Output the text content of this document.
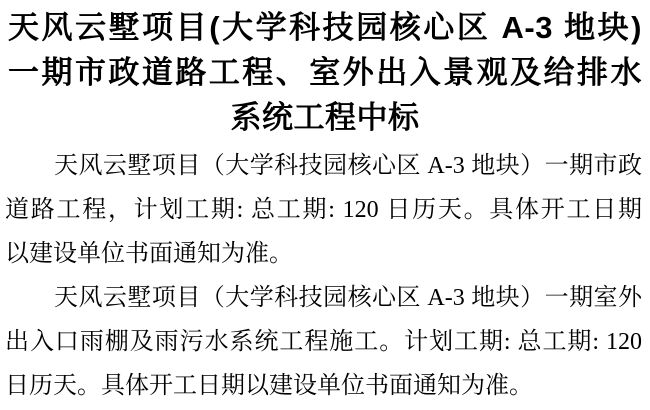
天风云墅项目(大学科技园核心区 A-3 地块)
一期市政道路工程、室外出入景观及给排水
系统工程中标

天风云墅项目（大学科技园核心区 A-3 地块）一期市政
道路工程，计划工期: 总工期: 120 日历天。具体开工日期
以建设单位书面通知为准。

天风云墅项目（大学科技园核心区 A-3 地块）一期室外
出入口雨棚及雨污水系统工程施工。计划工期: 总工期: 120
日历天。具体开工日期以建设单位书面通知为准。
